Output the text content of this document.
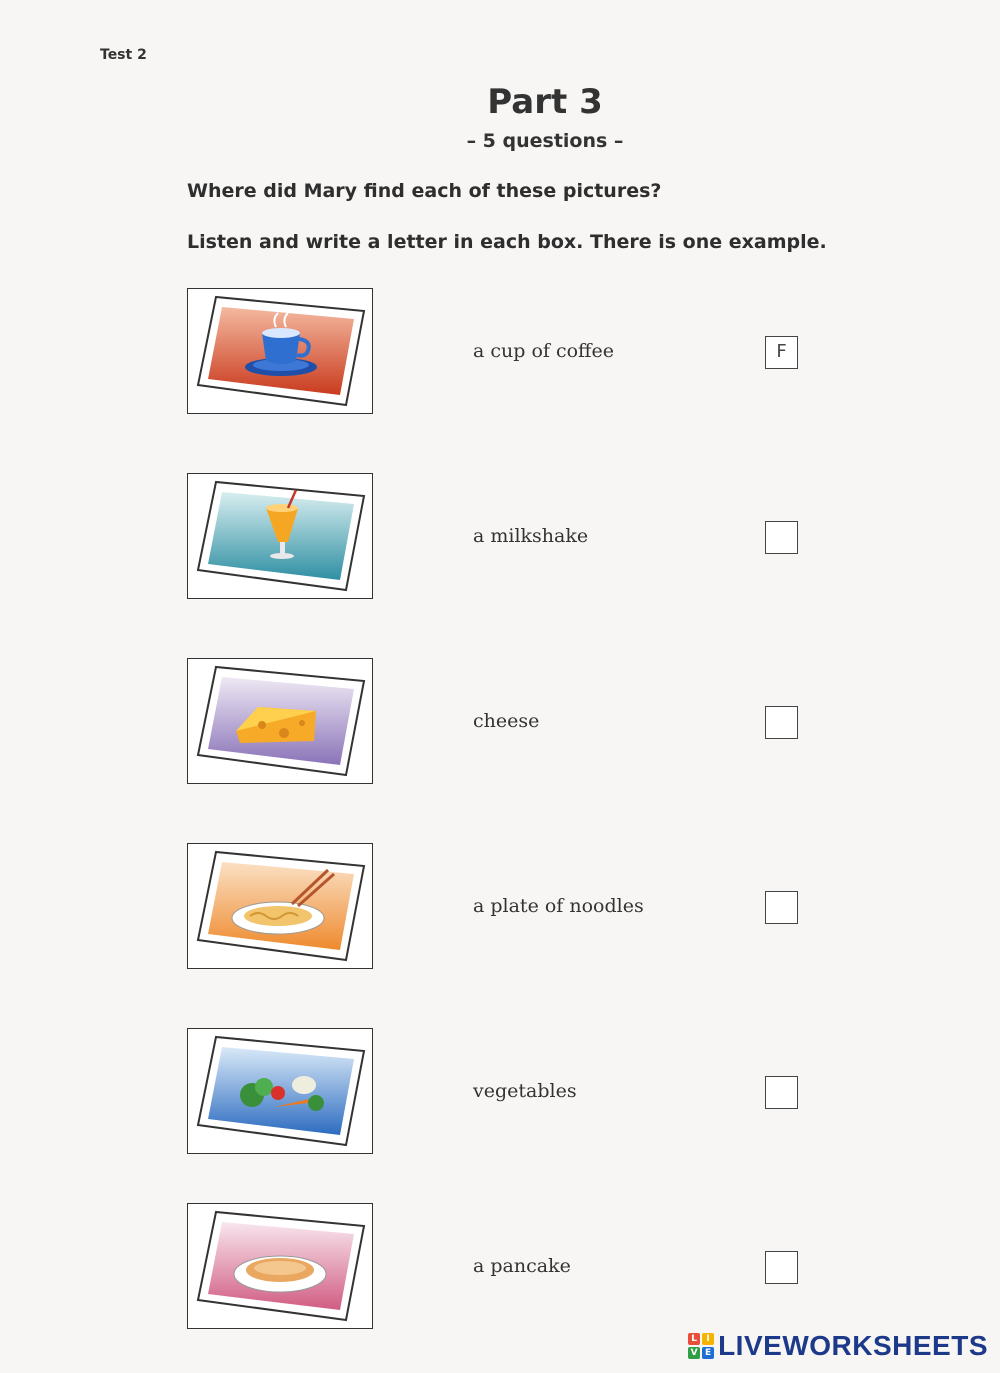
Test 2
Part 3
– 5 questions –
Where did Mary find each of these pictures?
Listen and write a letter in each box. There is one example.
a cup of coffee	F
a milkshake
cheese
a plate of noodles
vegetables
a pancake
L	I
V E LIVEWORKSHEETS
